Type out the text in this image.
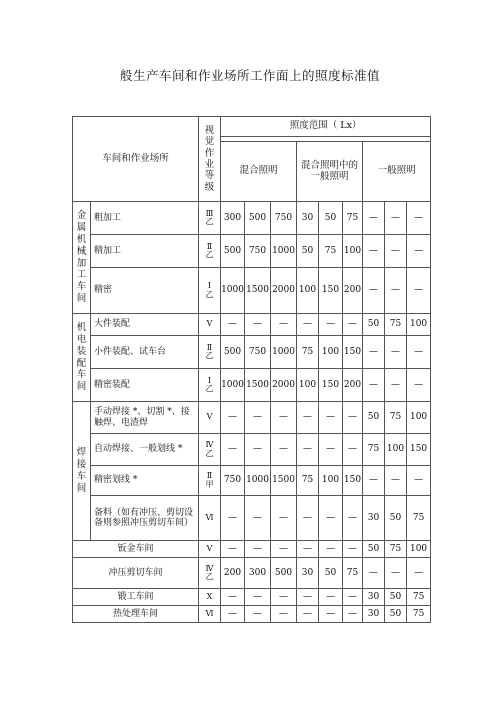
般生产车间和作业场所工作面上的照度标准值
车间和作业场所		视觉作业等级	照度范围（ Lx）								

			混合照明			混合照明中的一般照明			一般照明		
金属机械加工车间	粗加工	Ⅲ乙	300	500	750	30	50	75	—	—	—
	精加工	Ⅱ乙	500	750	1000	50	75	100	—	—	—
	精密	Ⅰ乙	1000	1500	2000	100	150	200	—	—	—
机电装配车间	大件装配	V	—	—	—	—	—	—	50	75	100
	小件装配、试车台	Ⅱ乙	500	750	1000	75	100	150	—	—	—
	精密装配	Ⅰ乙	1000	1500	2000	100	150	200	—	—	—
焊接车间	手动焊接 *、切割 *、接触焊、电渣焊	V	—	—	—	—	—	—	50	75	100
	自动焊接、一般划线 *	Ⅳ乙	—	—	—	—	—	—	75	100	150
	精密划线 *	Ⅱ甲	750	1000	1500	75	100	150	—	—	—
	备料（如有冲压、剪切设备则参照冲压剪切车间）	Ⅵ	—	—	—	—	—	—	30	50	75
钣金车间		V	—	—	—	—	—	—	50	75	100
冲压剪切车间		Ⅳ乙	200	300	500	30	50	75	—	—	—
锻工车间		X	—	—	—	—	—	—	30	50	75
热处理车间		Ⅵ	—	—	—	—	—	—	30	50	75
